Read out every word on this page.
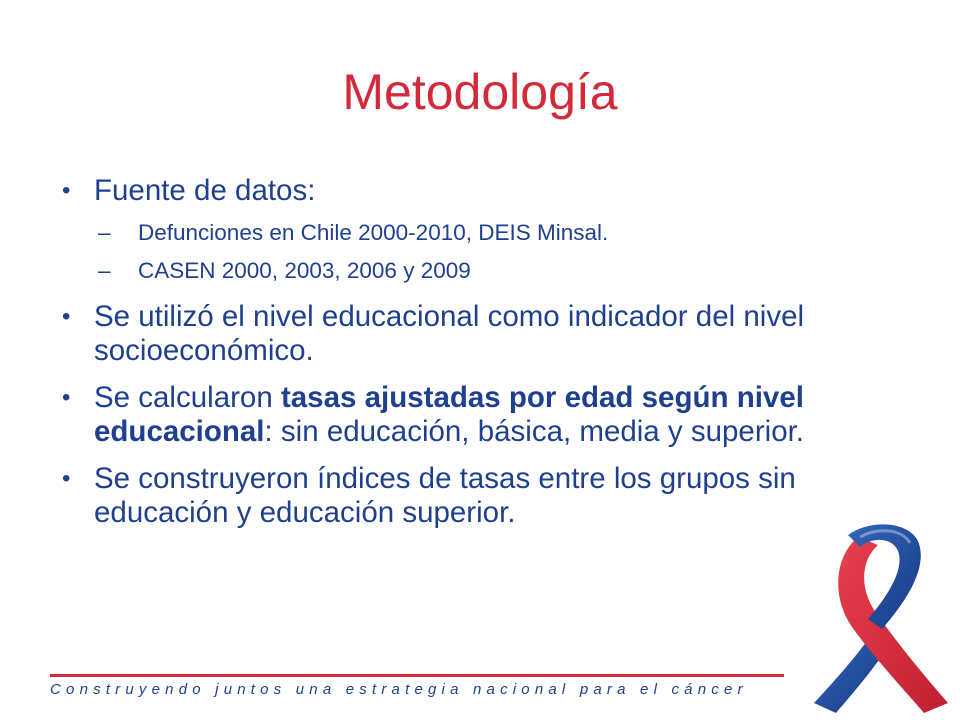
Metodología
• Fuente de datos:
– Defunciones en Chile 2000-2010, DEIS Minsal.
– CASEN 2000, 2003, 2006 y 2009
• Se utilizó el nivel educacional como indicador del nivel socioeconómico.
• Se calcularon tasas ajustadas por edad según nivel educacional: sin educación, básica, media y superior.
• Se construyeron índices de tasas entre los grupos sin educación y educación superior.
Construyendo juntos una estrategia nacional para el cáncer
